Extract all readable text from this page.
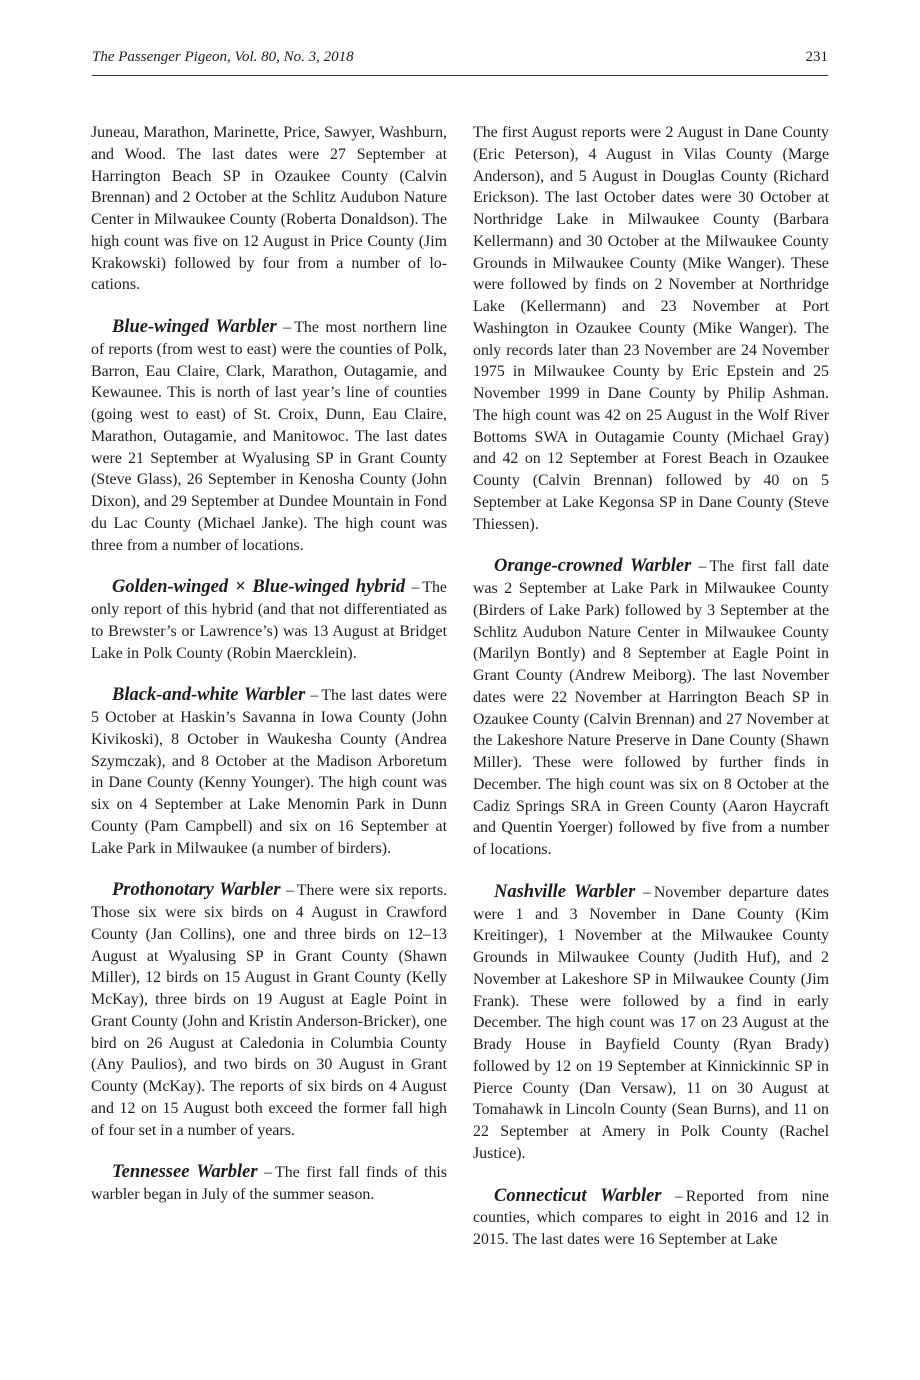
The Passenger Pigeon, Vol. 80, No. 3, 2018	231

Juneau, Marathon, Marinette, Price, Sawyer, Washburn, and Wood. The last dates were 27 September at Harrington Beach SP in Ozaukee County (Calvin Brennan) and 2 October at the Schlitz Audubon Nature Center in Milwaukee County (Roberta Donaldson). The high count was five on 12 August in Price County (Jim Krakowski) followed by four from a number of locations.

Blue-winged Warbler – The most northern line of reports (from west to east) were the counties of Polk, Barron, Eau Claire, Clark, Marathon, Outagamie, and Kewaunee. This is north of last year’s line of counties (going west to east) of St. Croix, Dunn, Eau Claire, Marathon, Outagamie, and Manitowoc. The last dates were 21 September at Wyalusing SP in Grant County (Steve Glass), 26 September in Kenosha County (John Dixon), and 29 September at Dundee Mountain in Fond du Lac County (Michael Janke). The high count was three from a number of locations.

Golden-winged × Blue-winged hybrid – The only report of this hybrid (and that not differentiated as to Brewster’s or Lawrence’s) was 13 August at Bridget Lake in Polk County (Robin Maercklein).

Black-and-white Warbler – The last dates were 5 October at Haskin’s Savanna in Iowa County (John Kivikoski), 8 October in Waukesha County (Andrea Szymczak), and 8 October at the Madison Arboretum in Dane County (Kenny Younger). The high count was six on 4 September at Lake Menomin Park in Dunn County (Pam Campbell) and six on 16 September at Lake Park in Milwaukee (a number of birders).

Prothonotary Warbler – There were six reports. Those six were six birds on 4 August in Crawford County (Jan Collins), one and three birds on 12–13 August at Wyalusing SP in Grant County (Shawn Miller), 12 birds on 15 August in Grant County (Kelly McKay), three birds on 19 August at Eagle Point in Grant County (John and Kristin Anderson-Bricker), one bird on 26 August at Caledonia in Columbia County (Any Paulios), and two birds on 30 August in Grant County (McKay). The reports of six birds on 4 August and 12 on 15 August both exceed the former fall high of four set in a number of years.

Tennessee Warbler – The first fall finds of this warbler began in July of the summer season.

The first August reports were 2 August in Dane County (Eric Peterson), 4 August in Vilas County (Marge Anderson), and 5 August in Douglas County (Richard Erickson). The last October dates were 30 October at Northridge Lake in Milwaukee County (Barbara Kellermann) and 30 October at the Milwaukee County Grounds in Milwaukee County (Mike Wanger). These were followed by finds on 2 November at Northridge Lake (Kellermann) and 23 November at Port Washington in Ozaukee County (Mike Wanger). The only records later than 23 November are 24 November 1975 in Milwaukee County by Eric Epstein and 25 November 1999 in Dane County by Philip Ashman. The high count was 42 on 25 August in the Wolf River Bottoms SWA in Outagamie County (Michael Gray) and 42 on 12 September at Forest Beach in Ozaukee County (Calvin Brennan) followed by 40 on 5 September at Lake Kegonsa SP in Dane County (Steve Thiessen).

Orange-crowned Warbler – The first fall date was 2 September at Lake Park in Milwaukee County (Birders of Lake Park) followed by 3 September at the Schlitz Audubon Nature Center in Milwaukee County (Marilyn Bontly) and 8 September at Eagle Point in Grant County (Andrew Meiborg). The last November dates were 22 November at Harrington Beach SP in Ozaukee County (Calvin Brennan) and 27 November at the Lakeshore Nature Preserve in Dane County (Shawn Miller). These were followed by further finds in December. The high count was six on 8 October at the Cadiz Springs SRA in Green County (Aaron Haycraft and Quentin Yoerger) followed by five from a number of locations.

Nashville Warbler – November departure dates were 1 and 3 November in Dane County (Kim Kreitinger), 1 November at the Milwaukee County Grounds in Milwaukee County (Judith Huf), and 2 November at Lakeshore SP in Milwaukee County (Jim Frank). These were followed by a find in early December. The high count was 17 on 23 August at the Brady House in Bayfield County (Ryan Brady) followed by 12 on 19 September at Kinnickinnic SP in Pierce County (Dan Versaw), 11 on 30 August at Tomahawk in Lincoln County (Sean Burns), and 11 on 22 September at Amery in Polk County (Rachel Justice).

Connecticut Warbler – Reported from nine counties, which compares to eight in 2016 and 12 in 2015. The last dates were 16 September at Lake
